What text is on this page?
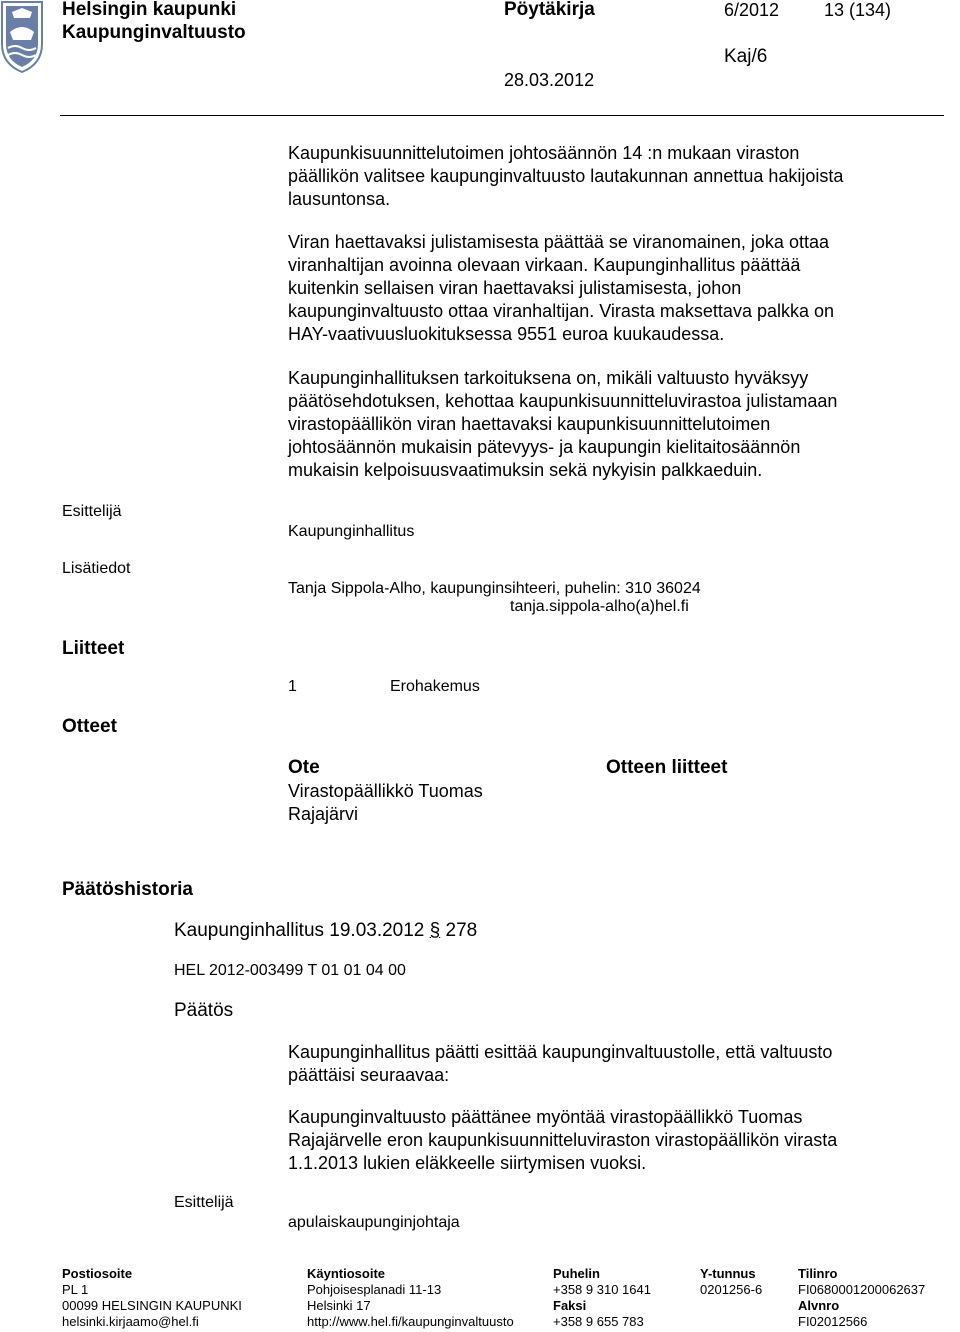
Helsingin kaupunki
Kaupunginvaltuusto
Pöytäkirja	6/2012 13 (134)
Kaj/6
28.03.2012
Kaupunkisuunnittelutoimen johtosäännön 14 :n mukaan viraston
päällikön valitsee kaupunginvaltuusto lautakunnan annettua hakijoista
lausuntonsa.
Viran haettavaksi julistamisesta päättää se viranomainen, joka ottaa
viranhaltijan avoinna olevaan virkaan. Kaupunginhallitus päättää
kuitenkin sellaisen viran haettavaksi julistamisesta, johon
kaupunginvaltuusto ottaa viranhaltijan. Virasta maksettava palkka on
HAY-vaativuusluokituksessa 9551 euroa kuukaudessa.
Kaupunginhallituksen tarkoituksena on, mikäli valtuusto hyväksyy
päätösehdotuksen, kehottaa kaupunkisuunnitteluvirastoa julistamaan
virastopäällikön viran haettavaksi kaupunkisuunnittelutoimen
johtosäännön mukaisin pätevyys- ja kaupungin kielitaitosäännön
mukaisin kelpoisuusvaatimuksin sekä nykyisin palkkaeduin.
Esittelijä
Kaupunginhallitus
Lisätiedot
Tanja Sippola-Alho, kaupunginsihteeri, puhelin: 310 36024
tanja.sippola-alho(a)hel.fi
Liitteet
1	Erohakemus
Otteet
Ote
Virastopäällikkö Tuomas
Rajajärvi
Otteen liitteet
Päätöshistoria
Kaupunginhallitus 19.03.2012 § 278
HEL 2012-003499 T 01 01 04 00
Päätös
Kaupunginhallitus päätti esittää kaupunginvaltuustolle, että valtuusto
päättäisi seuraavaa:
Kaupunginvaltuusto päättänee myöntää virastopäällikkö Tuomas
Rajajärvelle eron kaupunkisuunnitteluviraston virastopäällikön virasta
1.1.2013 lukien eläkkeelle siirtymisen vuoksi.
Esittelijä
apulaiskaupunginjohtaja
Postiosoite
PL 1
00099 HELSINGIN KAUPUNKI
helsinki.kirjaamo@hel.fi
Käyntiosoite
Pohjoisesplanadi 11-13
Helsinki 17
http://www.hel.fi/kaupunginvaltuusto
Puhelin
+358 9 310 1641
Faksi
+358 9 655 783
Y-tunnus
0201256-6
Tilinro
FI0680001200062637
Alvnro
FI02012566
